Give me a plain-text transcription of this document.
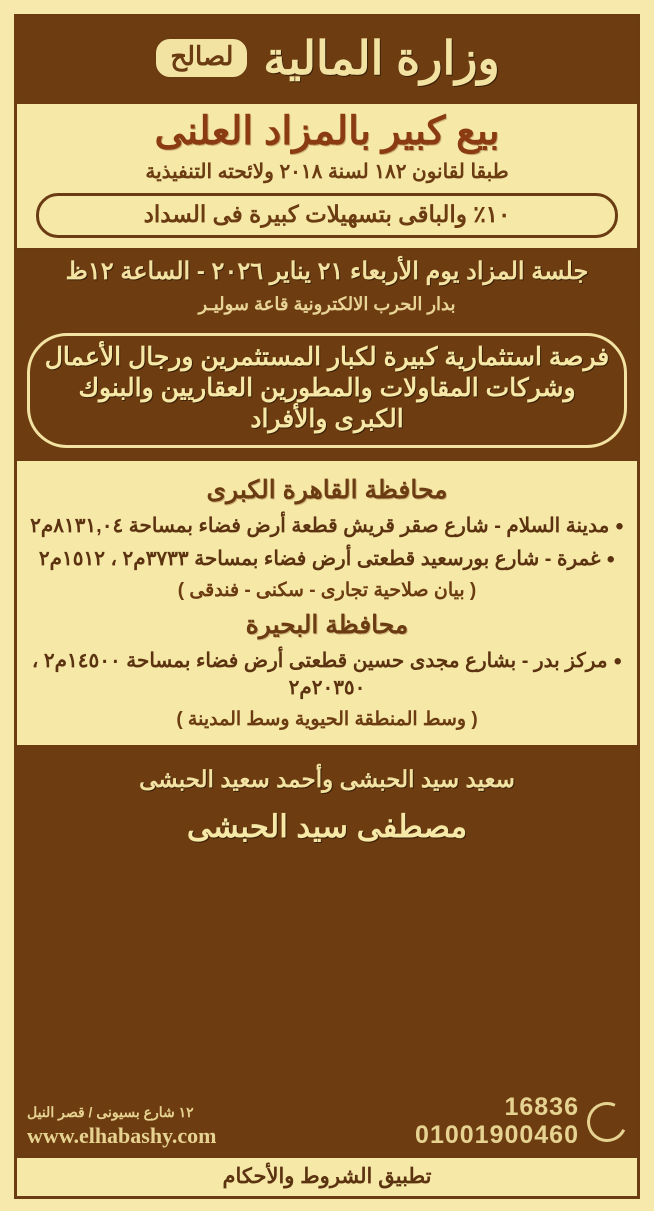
وزارة المالية
لصالح
بيع كبير بالمزاد العلنى
طبقا لقانون ١٨٢ لسنة ٢٠١٨ ولائحته التنفيذية
١٠٪ والباقى بتسهيلات كبيرة فى السداد
جلسة المزاد يوم الأربعاء ٢١ يناير ٢٠٢٦ - الساعة ١٢ظ
بدار الحرب الالكترونية قاعة سوليـر
فرصة استثمارية كبيرة لكبار المستثمرين ورجال الأعمال وشركات المقاولات والمطورين العقاريين والبنوك الكبرى والأفراد
محافظة القاهرة الكبرى
● مدينة السلام - شارع صقر قريش قطعة أرض فضاء بمساحة ٨١٣١,٠٤م٢
● غمرة - شارع بورسعيد قطعتى أرض فضاء بمساحة ٣٧٣٣م٢ ، ١٥١٢م٢
( بيان صلاحية تجارى - سكنى - فندقى )
محافظة البحيرة
● مركز بدر - بشارع مجدى حسين قطعتى أرض فضاء بمساحة ١٤٥٠٠م٢ ، ٢٠٣٥٠م٢
( وسط المنطقة الحيوية وسط المدينة )
سعيد سيد الحبشى وأحمد سعيد الحبشى
مصطفى سيد الحبشى
16836
01001900460
١٢ شارع بسيونى / قصر النيل
www.elhabashy.com
تطبيق الشروط والأحكام
